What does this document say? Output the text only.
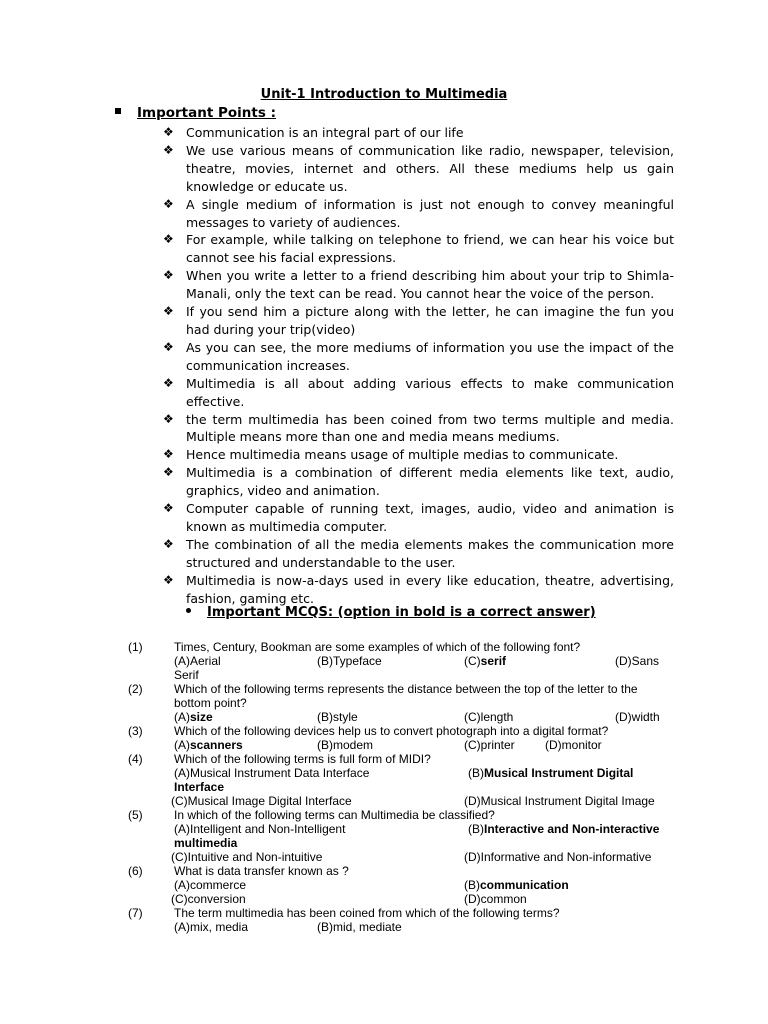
Unit-1 Introduction to Multimedia
Important Points :
❖ Communication is an integral part of our life
❖ We use various means of communication like radio, newspaper, television, theatre, movies, internet and others. All these mediums help us gain knowledge or educate us.
❖ A single medium of information is just not enough to convey meaningful messages to variety of audiences.
❖ For example, while talking on telephone to friend, we can hear his voice but cannot see his facial expressions.
❖ When you write a letter to a friend describing him about your trip to Shimla-Manali, only the text can be read. You cannot hear the voice of the person.
❖ If you send him a picture along with the letter, he can imagine the fun you had during your trip(video)
❖ As you can see, the more mediums of information you use the impact of the communication increases.
❖ Multimedia is all about adding various effects to make communication effective.
❖ the term multimedia has been coined from two terms multiple and media. Multiple means more than one and media means mediums.
❖ Hence multimedia means usage of multiple medias to communicate.
❖ Multimedia is a combination of different media elements like text, audio, graphics, video and animation.
❖ Computer capable of running text, images, audio, video and animation is known as multimedia computer.
❖ The combination of all the media elements makes the communication more structured and understandable to the user.
❖ Multimedia is now-a-days used in every like education, theatre, advertising, fashion, gaming etc.
Important MCQS: (option in bold is a correct answer)
(1)	Times, Century, Bookman are some examples of which of the following font?
(A)Aerial	(B)Typeface	(C)serif	(D)Sans
Serif
(2)	Which of the following terms represents the distance between the top of the letter to the
bottom point?
(A)size	(B)style	(C)length	(D)width
(3)	Which of the following devices help us to convert photograph into a digital format?
(A)scanners	(B)modem	(C)printer	(D)monitor
(4)	Which of the following terms is full form of MIDI?
(A)Musical Instrument Data Interface	(B)Musical Instrument Digital
Interface
(C)Musical Image Digital Interface	(D)Musical Instrument Digital Image
(5)	In which of the following terms can Multimedia be classified?
(A)Intelligent and Non-Intelligent	(B)Interactive and Non-interactive
multimedia
(C)Intuitive and Non-intuitive	(D)Informative and Non-informative
(6)	What is data transfer known as ?
(A)commerce	(B)communication
(C)conversion	(D)common
(7)	The term multimedia has been coined from which of the following terms?
(A)mix, media	(B)mid, mediate
